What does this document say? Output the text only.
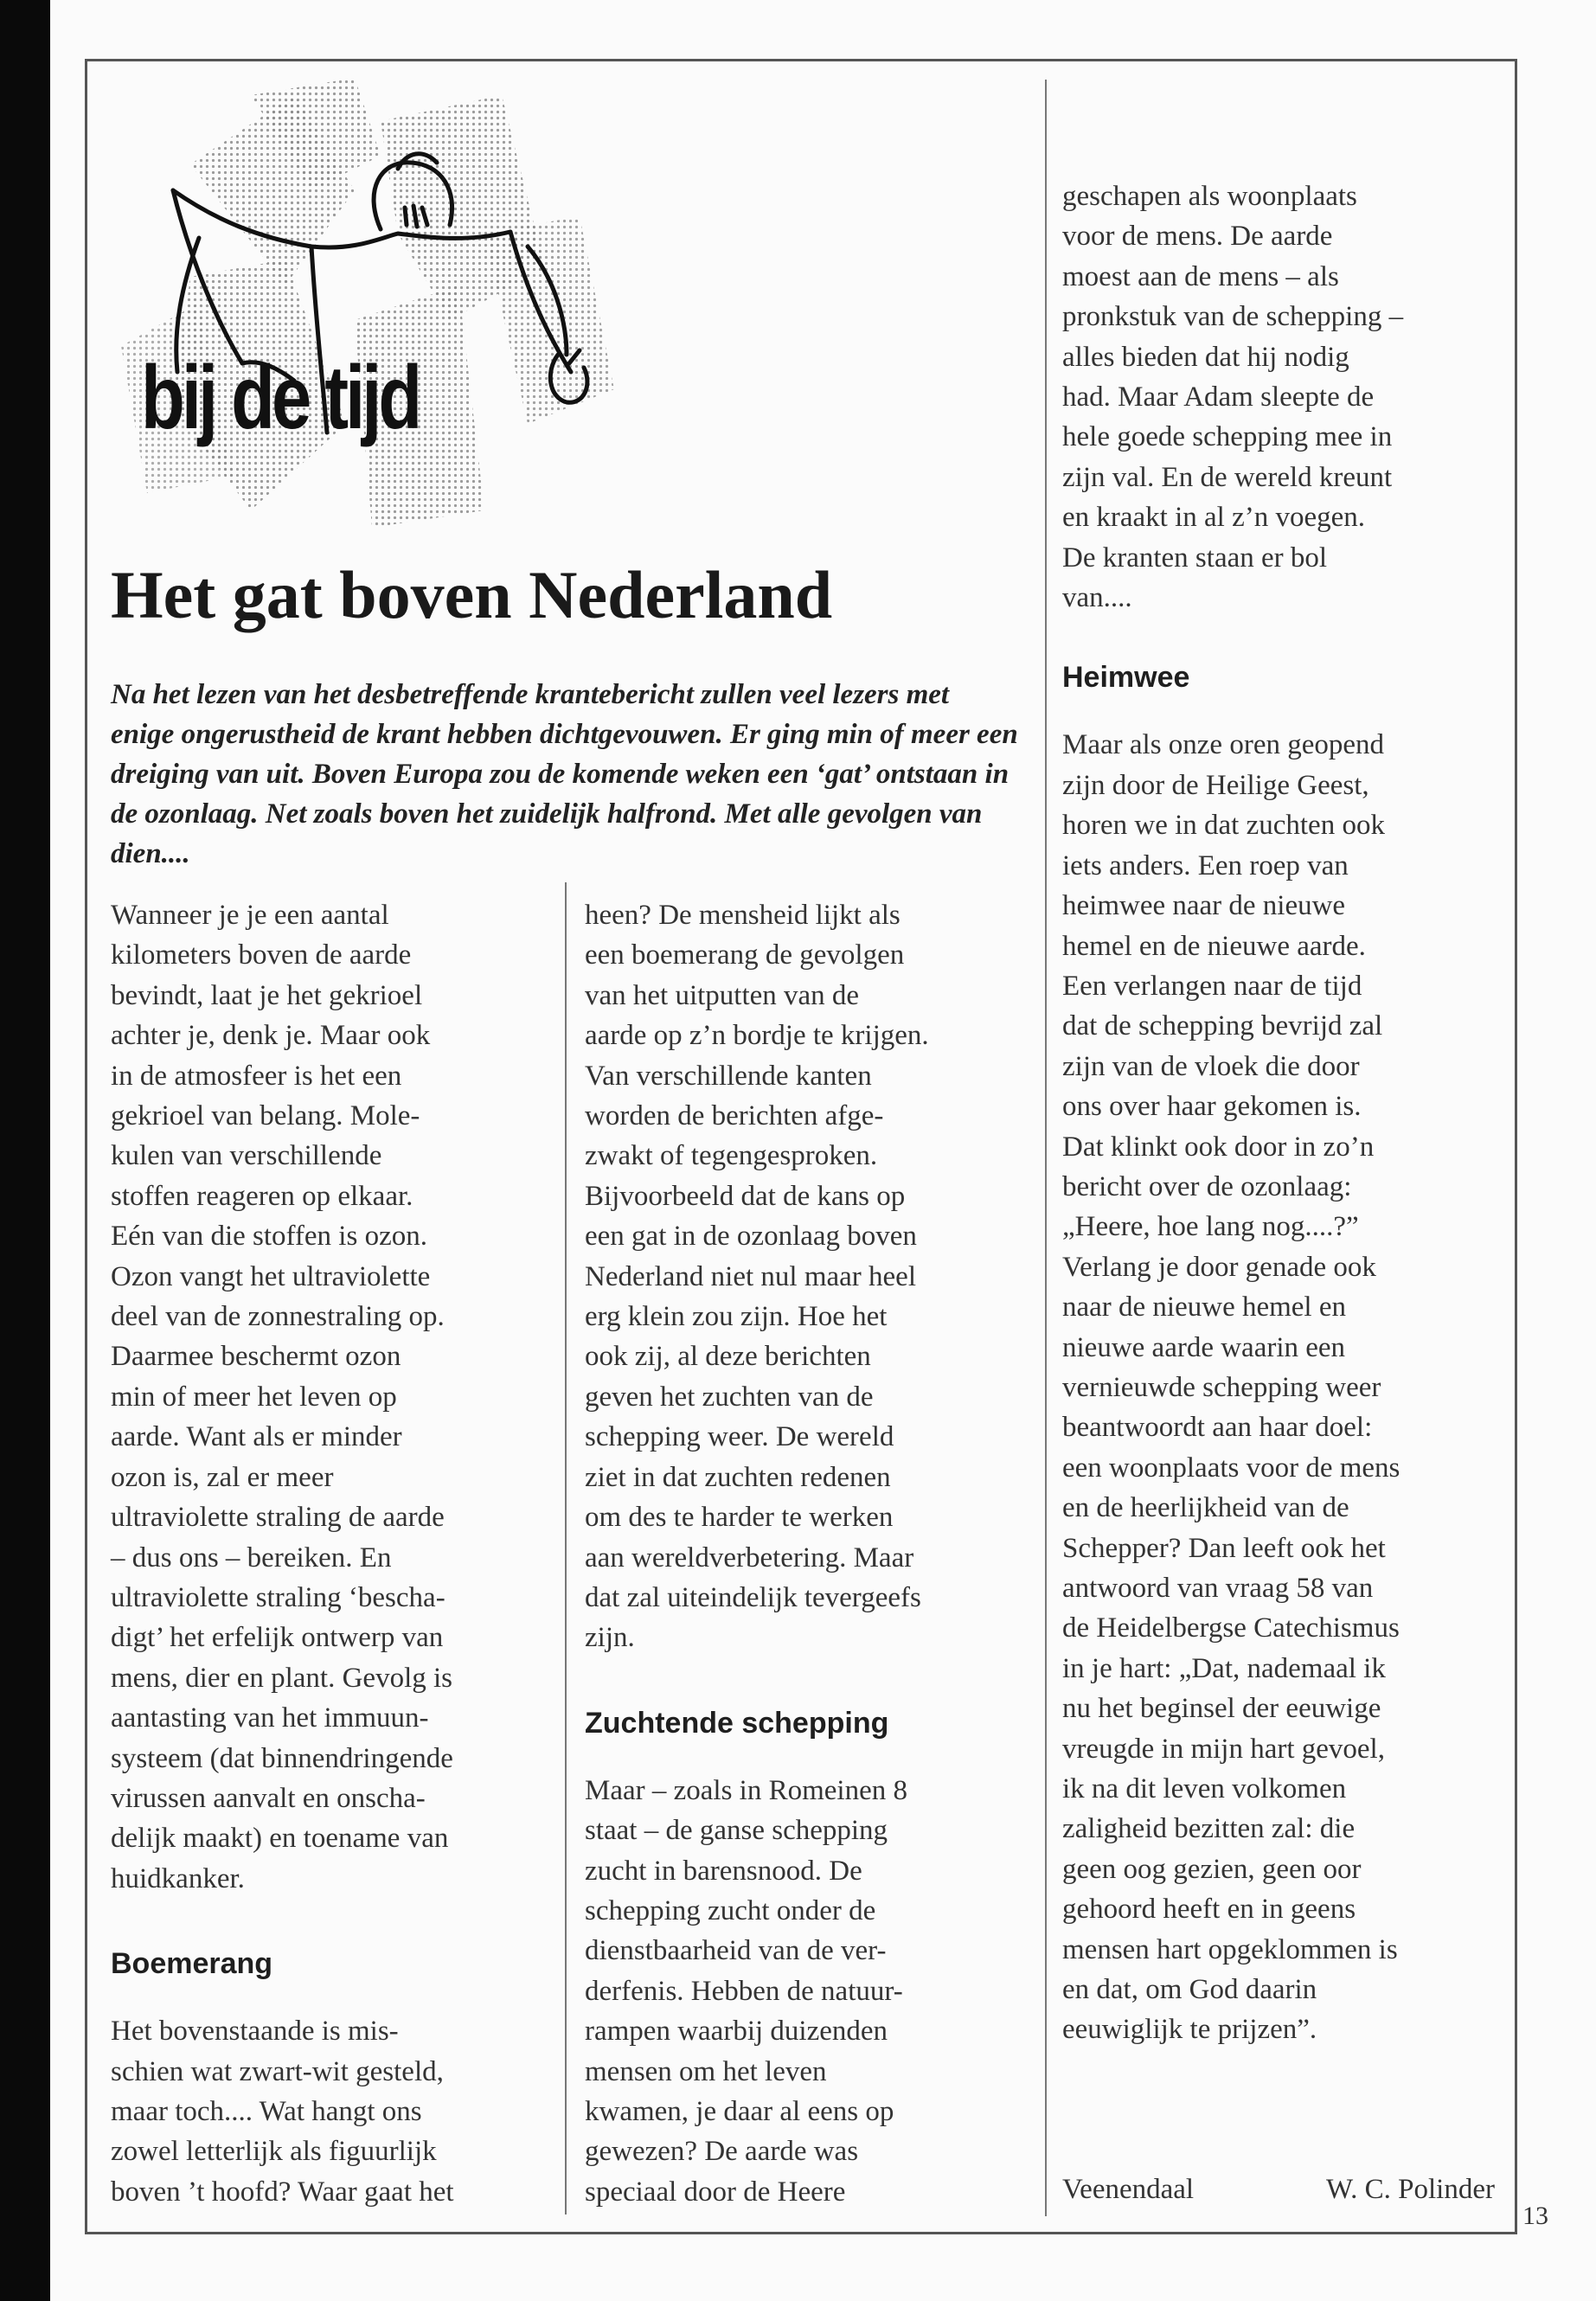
bij de tijd
Het gat boven Nederland

Na het lezen van het desbetreffende krantebericht zullen veel lezers met enige ongerustheid de krant hebben dichtgevouwen. Er ging min of meer een dreiging van uit. Boven Europa zou de komende weken een ‘gat’ ontstaan in de ozonlaag. Net zoals boven het zuidelijk halfrond. Met alle gevolgen van dien....

Wanneer je je een aantal
kilometers boven de aarde
bevindt, laat je het gekrioel
achter je, denk je. Maar ook
in de atmosfeer is het een
gekrioel van belang. Mole-
kulen van verschillende
stoffen reageren op elkaar.
Eén van die stoffen is ozon.
Ozon vangt het ultraviolette
deel van de zonnestraling op.
Daarmee beschermt ozon
min of meer het leven op
aarde. Want als er minder
ozon is, zal er meer
ultraviolette straling de aarde
– dus ons – bereiken. En
ultraviolette straling ‘bescha-
digt’ het erfelijk ontwerp van
mens, dier en plant. Gevolg is
aantasting van het immuun-
systeem (dat binnendringende
virussen aanvalt en onscha-
delijk maakt) en toename van
huidkanker.

Boemerang

Het bovenstaande is mis-
schien wat zwart-wit gesteld,
maar toch.... Wat hangt ons
zowel letterlijk als figuurlijk
boven ’t hoofd? Waar gaat het

heen? De mensheid lijkt als
een boemerang de gevolgen
van het uitputten van de
aarde op z’n bordje te krijgen.
Van verschillende kanten
worden de berichten afge-
zwakt of tegengesproken.
Bijvoorbeeld dat de kans op
een gat in de ozonlaag boven
Nederland niet nul maar heel
erg klein zou zijn. Hoe het
ook zij, al deze berichten
geven het zuchten van de
schepping weer. De wereld
ziet in dat zuchten redenen
om des te harder te werken
aan wereldverbetering. Maar
dat zal uiteindelijk tevergeefs
zijn.

Zuchtende schepping

Maar – zoals in Romeinen 8
staat – de ganse schepping
zucht in barensnood. De
schepping zucht onder de
dienstbaarheid van de ver-
derfenis. Hebben de natuur-
rampen waarbij duizenden
mensen om het leven
kwamen, je daar al eens op
gewezen? De aarde was
speciaal door de Heere

geschapen als woonplaats
voor de mens. De aarde
moest aan de mens – als
pronkstuk van de schepping –
alles bieden dat hij nodig
had. Maar Adam sleepte de
hele goede schepping mee in
zijn val. En de wereld kreunt
en kraakt in al z’n voegen.
De kranten staan er bol
van....

Heimwee

Maar als onze oren geopend
zijn door de Heilige Geest,
horen we in dat zuchten ook
iets anders. Een roep van
heimwee naar de nieuwe
hemel en de nieuwe aarde.
Een verlangen naar de tijd
dat de schepping bevrijd zal
zijn van de vloek die door
ons over haar gekomen is.
Dat klinkt ook door in zo’n
bericht over de ozonlaag:
„Heere, hoe lang nog....?”
Verlang je door genade ook
naar de nieuwe hemel en
nieuwe aarde waarin een
vernieuwde schepping weer
beantwoordt aan haar doel:
een woonplaats voor de mens
en de heerlijkheid van de
Schepper? Dan leeft ook het
antwoord van vraag 58 van
de Heidelbergse Catechismus
in je hart: „Dat, nademaal ik
nu het beginsel der eeuwige
vreugde in mijn hart gevoel,
ik na dit leven volkomen
zaligheid bezitten zal: die
geen oog gezien, geen oor
gehoord heeft en in geens
mensen hart opgeklommen is
en dat, om God daarin
eeuwiglijk te prijzen”.

Veenendaal	W. C. Polinder
13
